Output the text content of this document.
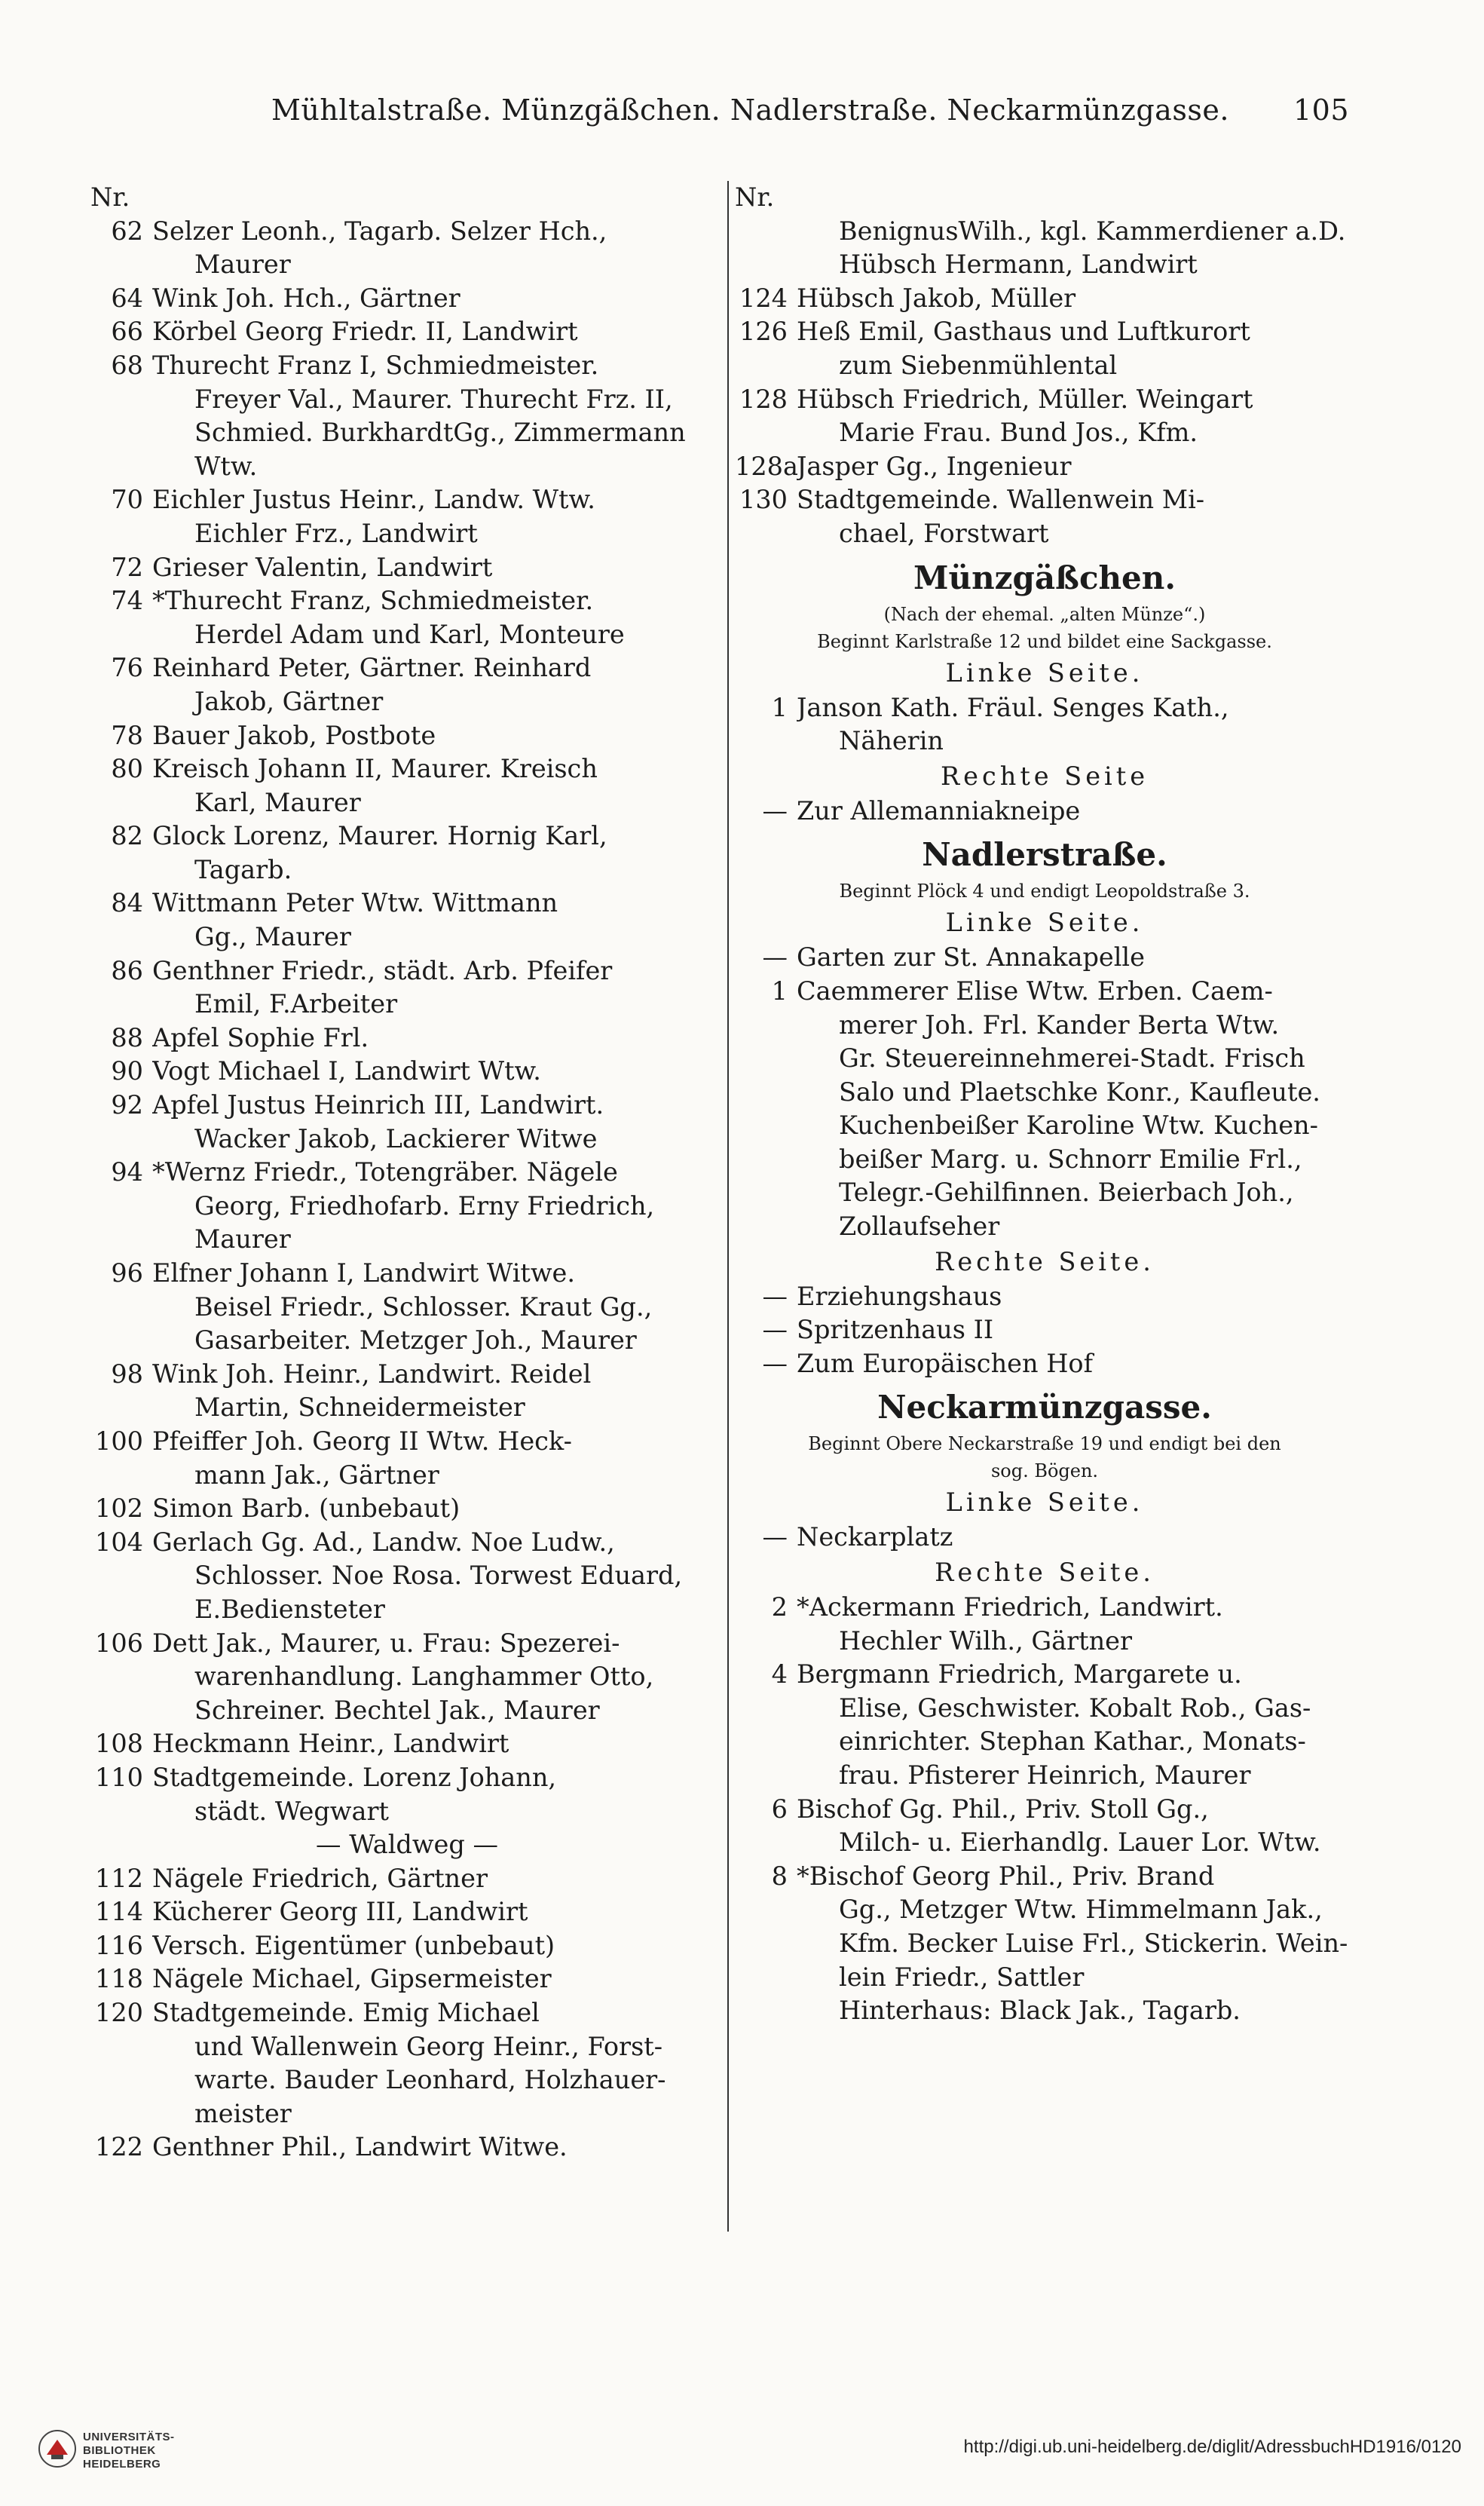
Mühltalstraße. Münzgäßchen. Nadlerstraße. Neckarmünzgasse. 105
Nr.
62 Selzer Leonh., Tagarb. Selzer Hch.,
Maurer
64 Wink Joh. Hch., Gärtner
66 Körbel Georg Friedr. II, Landwirt
68 Thurecht Franz I, Schmiedmeister.
Freyer Val., Maurer. Thurecht Frz. II,
Schmied. BurkhardtGg., Zimmermann
Wtw.
70 Eichler Justus Heinr., Landw. Wtw.
Eichler Frz., Landwirt
72 Grieser Valentin, Landwirt
74 *Thurecht Franz, Schmiedmeister.
Herdel Adam und Karl, Monteure
76 Reinhard Peter, Gärtner. Reinhard
Jakob, Gärtner
78 Bauer Jakob, Postbote
80 Kreisch Johann II, Maurer. Kreisch
Karl, Maurer
82 Glock Lorenz, Maurer. Hornig Karl,
Tagarb.
84 Wittmann Peter Wtw. Wittmann
Gg., Maurer
86 Genthner Friedr., städt. Arb. Pfeifer
Emil, F.Arbeiter
88 Apfel Sophie Frl.
90 Vogt Michael I, Landwirt Wtw.
92 Apfel Justus Heinrich III, Landwirt.
Wacker Jakob, Lackierer Witwe
94 *Wernz Friedr., Totengräber. Nägele
Georg, Friedhofarb. Erny Friedrich,
Maurer
96 Elfner Johann I, Landwirt Witwe.
Beisel Friedr., Schlosser. Kraut Gg.,
Gasarbeiter. Metzger Joh., Maurer
98 Wink Joh. Heinr., Landwirt. Reidel
Martin, Schneidermeister
100 Pfeiffer Joh. Georg II Wtw. Heck-
mann Jak., Gärtner
102 Simon Barb. (unbebaut)
104 Gerlach Gg. Ad., Landw. Noe Ludw.,
Schlosser. Noe Rosa. Torwest Eduard,
E.Bediensteter
106 Dett Jak., Maurer, u. Frau: Spezerei-
warenhandlung. Langhammer Otto,
Schreiner. Bechtel Jak., Maurer
108 Heckmann Heinr., Landwirt
110 Stadtgemeinde. Lorenz Johann,
städt. Wegwart
— Waldweg —
112 Nägele Friedrich, Gärtner
114 Kücherer Georg III, Landwirt
116 Versch. Eigentümer (unbebaut)
118 Nägele Michael, Gipsermeister
120 Stadtgemeinde. Emig Michael
und Wallenwein Georg Heinr., Forst-
warte. Bauder Leonhard, Holzhauer-
meister
122 Genthner Phil., Landwirt Witwe.
Nr.
BenignusWilh., kgl. Kammerdiener a.D.
Hübsch Hermann, Landwirt
124 Hübsch Jakob, Müller
126 Heß Emil, Gasthaus und Luftkurort
zum Siebenmühlental
128 Hübsch Friedrich, Müller. Weingart
Marie Frau. Bund Jos., Kfm.
128a
Jasper Gg., Ingenieur
130 Stadtgemeinde. Wallenwein Mi-
chael, Forstwart
Münzgäßchen.
(Nach der ehemal. „alten Münze“.)
Beginnt Karlstraße 12 und bildet eine Sackgasse.
Linke Seite.
1 Janson Kath. Fräul. Senges Kath.,
Näherin
Rechte Seite
— Zur Allemanniakneipe
Nadlerstraße.
Beginnt Plöck 4 und endigt Leopoldstraße 3.
Linke Seite.
— Garten zur St. Annakapelle
1 Caemmerer Elise Wtw. Erben. Caem-
merer Joh. Frl. Kander Berta Wtw.
Gr. Steuereinnehmerei-Stadt. Frisch
Salo und Plaetschke Konr., Kaufleute.
Kuchenbeißer Karoline Wtw. Kuchen-
beißer Marg. u. Schnorr Emilie Frl.,
Telegr.-Gehilfinnen. Beierbach Joh.,
Zollaufseher
Rechte Seite.
— Erziehungshaus
— Spritzenhaus II
— Zum Europäischen Hof
Neckarmünzgasse.
Beginnt Obere Neckarstraße 19 und endigt bei den
sog. Bögen.
Linke Seite.
— Neckarplatz
Rechte Seite.
2 *Ackermann Friedrich, Landwirt.
Hechler Wilh., Gärtner
4 Bergmann Friedrich, Margarete u.
Elise, Geschwister. Kobalt Rob., Gas-
einrichter. Stephan Kathar., Monats-
frau. Pfisterer Heinrich, Maurer
6 Bischof Gg. Phil., Priv. Stoll Gg.,
Milch- u. Eierhandlg. Lauer Lor. Wtw.
8 *Bischof Georg Phil., Priv. Brand
Gg., Metzger Wtw. Himmelmann Jak.,
Kfm. Becker Luise Frl., Stickerin. Wein-
lein Friedr., Sattler
Hinterhaus: Black Jak., Tagarb.
UNIVERSITÄTS-
BIBLIOTHEK
HEIDELBERG
http://digi.ub.uni-heidelberg.de/diglit/AdressbuchHD1916/0120
